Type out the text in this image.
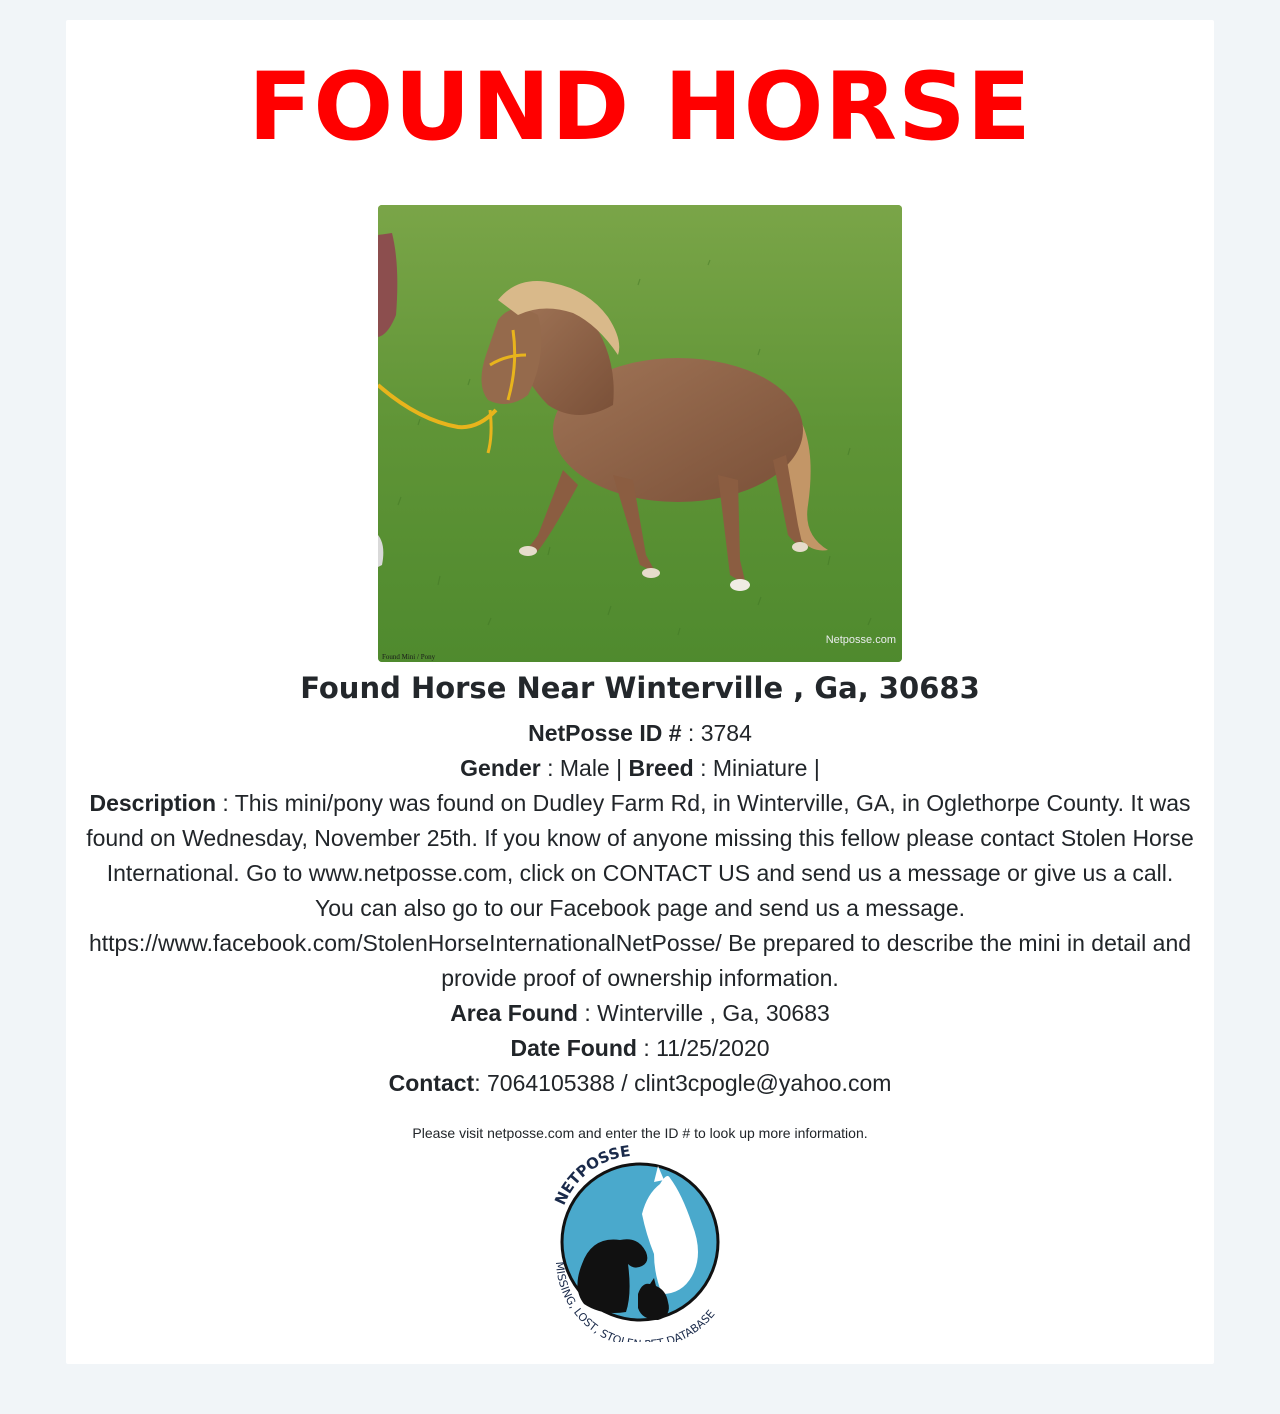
FOUND HORSE
Found Mini / Pony
Netposse.com
Found Horse Near Winterville , Ga, 30683
NetPosse ID # : 3784
Gender : Male | Breed : Miniature |
Description : This mini/pony was found on Dudley Farm Rd, in Winterville, GA, in Oglethorpe County. It was found on Wednesday, November 25th. If you know of anyone missing this fellow please contact Stolen Horse International. Go to www.netposse.com, click on CONTACT US and send us a message or give us a call. You can also go to our Facebook page and send us a message. https://www.facebook.com/StolenHorseInternationalNetPosse/ Be prepared to describe the mini in detail and provide proof of ownership information.
Area Found : Winterville , Ga, 30683
Date Found : 11/25/2020
Contact: 7064105388 / clint3cpogle@yahoo.com
Please visit netposse.com and enter the ID # to look up more information.
NETPOSSE
MISSING, LOST, STOL DATABASE
